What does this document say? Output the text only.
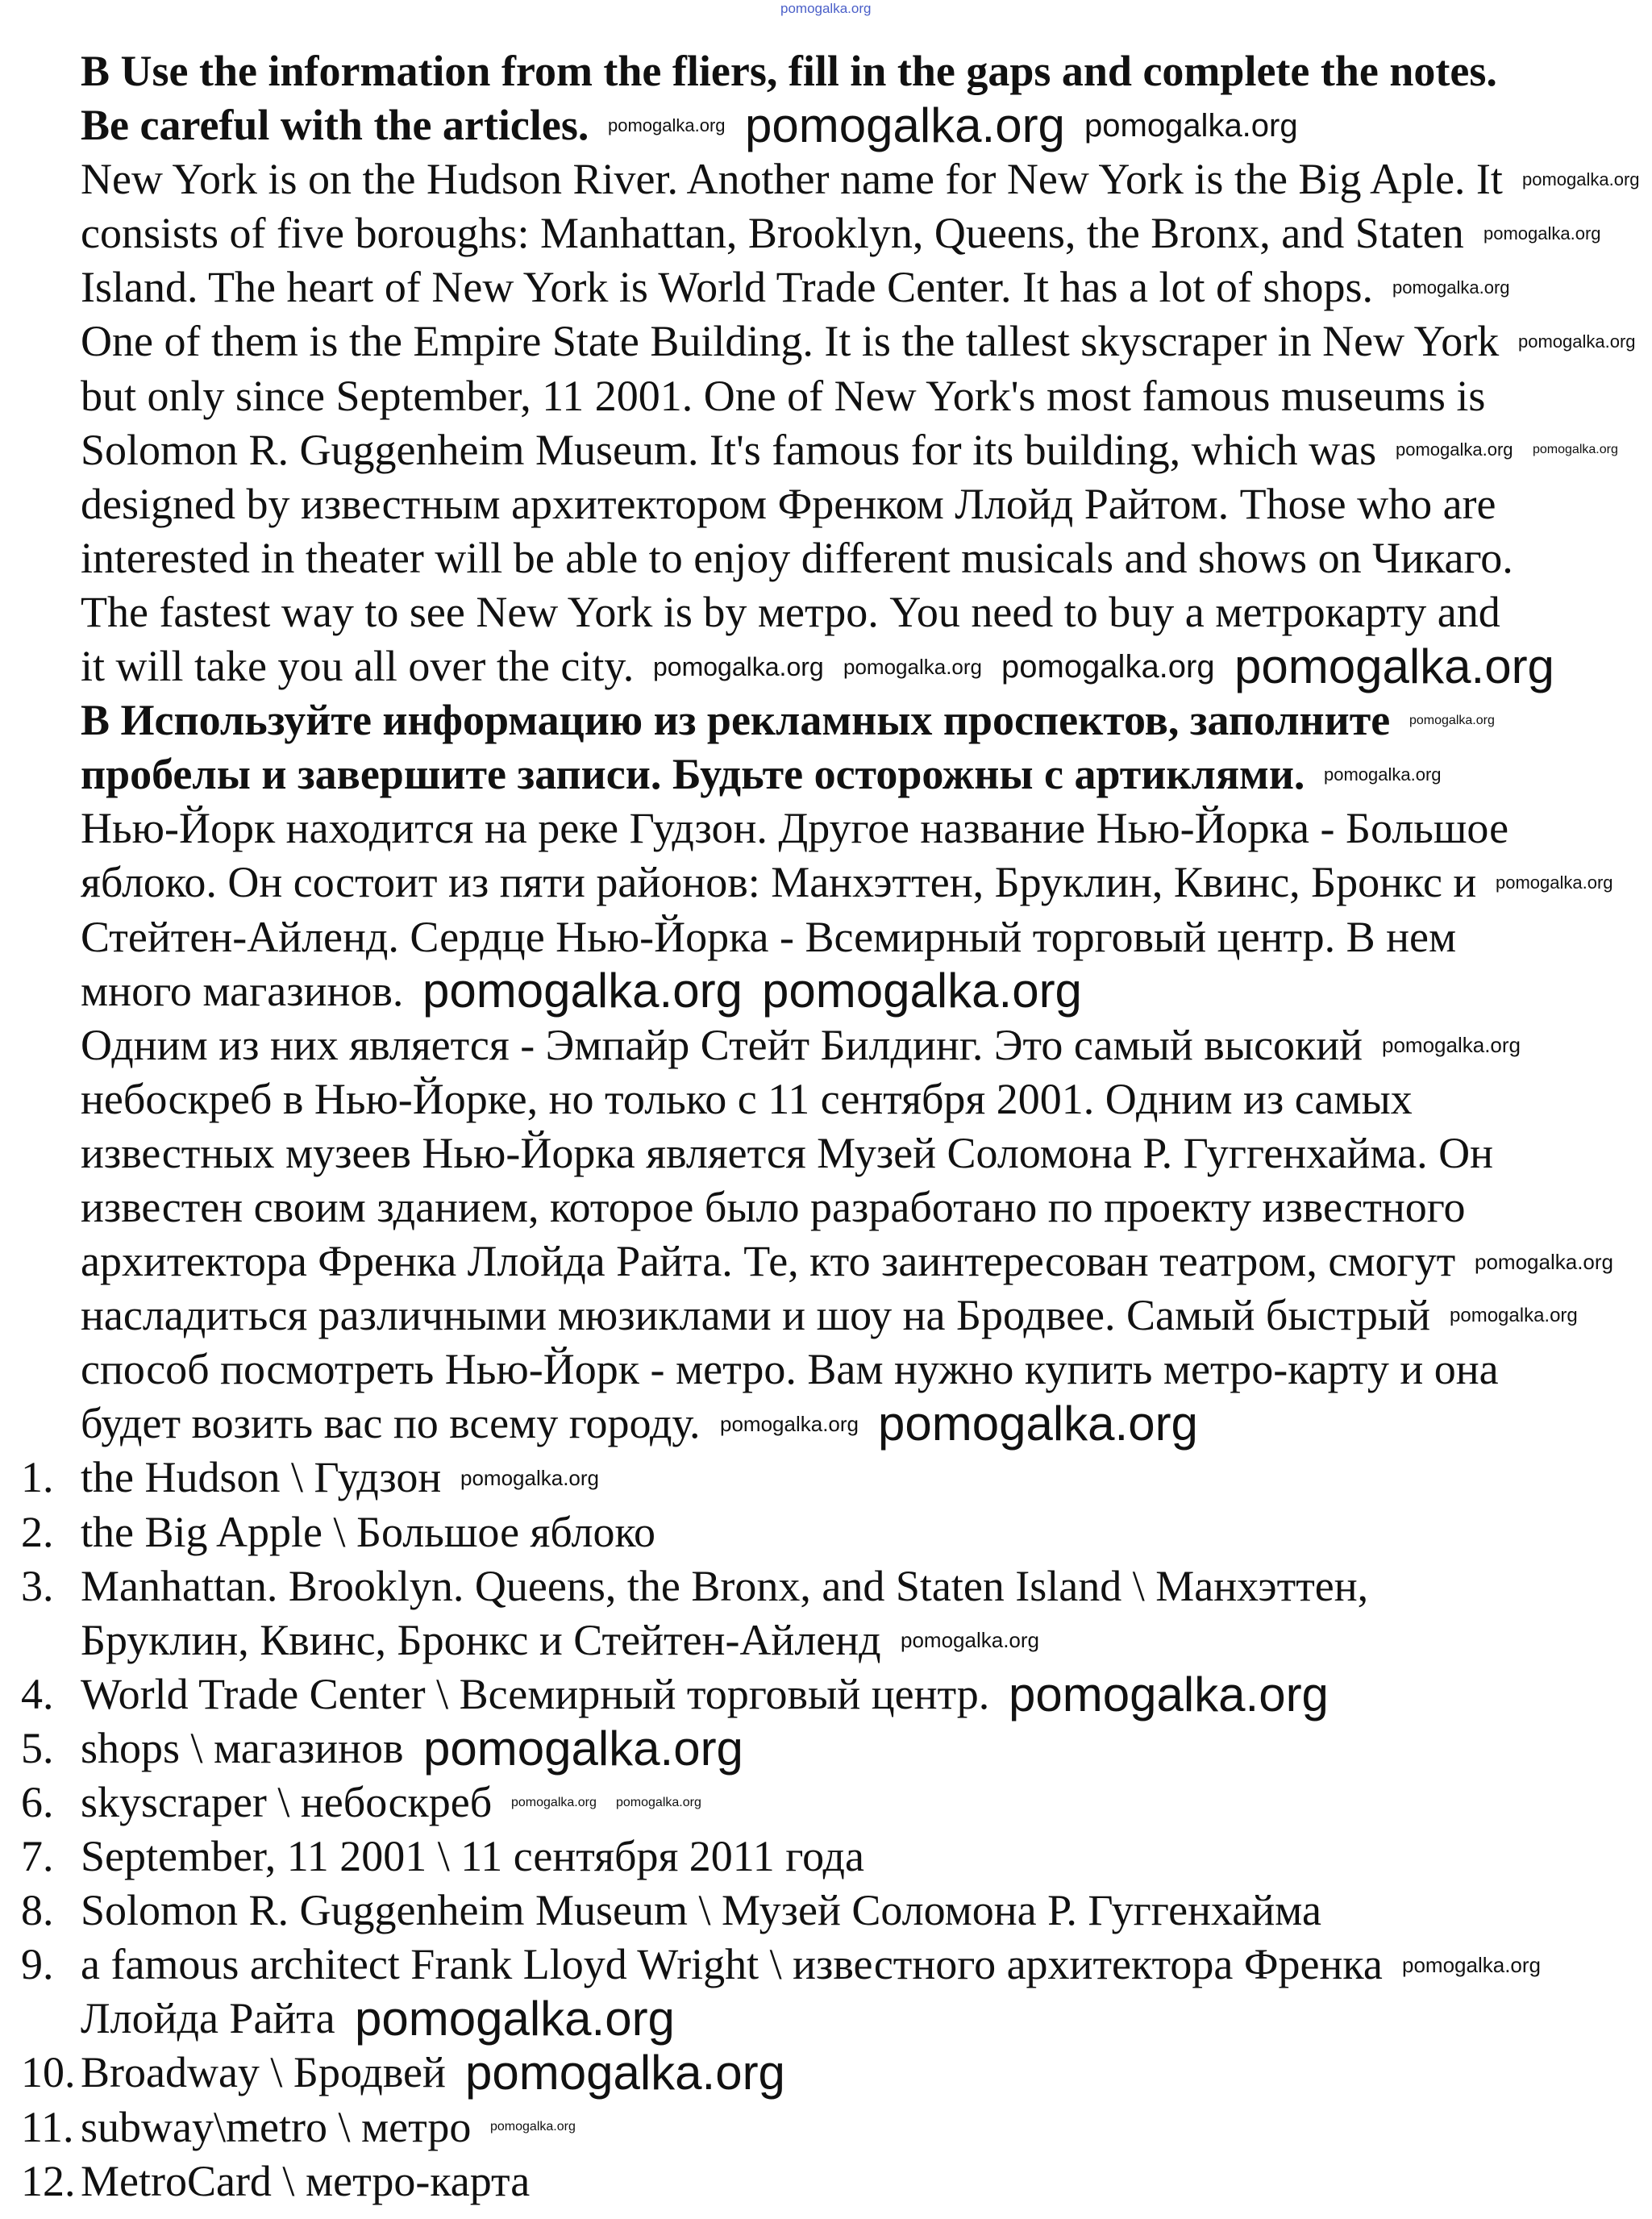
B Use the information from the fliers, fill in the gaps and complete the notes.
Be careful with the articles.
New York is on the Hudson River. Another name for New York is the Big Aple. It
consists of five boroughs: Manhattan, Brooklyn, Queens, the Bronx, and Staten
Island. The heart of New York is World Trade Center. It has a lot of shops.
One of them is the Empire State Building. It is the tallest skyscraper in New York
but only since September, 11 2001. One of New York's most famous museums is
Solomon R. Guggenheim Museum. It's famous for its building, which was
designed by известным архитектором Френком Ллойд Райтом. Those who are
interested in theater will be able to enjoy different musicals and shows on Чикаго.
The fastest way to see New York is by метро. You need to buy a метрокарту and
it will take you all over the city.
В Используйте информацию из рекламных проспектов, заполните
пробелы и завершите записи. Будьте осторожны с артиклями.
Нью-Йорк находится на реке Гудзон. Другое название Нью-Йорка - Большое
яблоко. Он состоит из пяти районов: Манхэттен, Бруклин, Квинс, Бронкс и
Стейтен-Айленд. Сердце Нью-Йорка - Всемирный торговый центр. В нем
много магазинов.
Одним из них является - Эмпайр Стейт Билдинг. Это самый высокий
небоскреб в Нью-Йорке, но только с 11 сентября 2001. Одним из самых
известных музеев Нью-Йорка является Музей Соломона Р. Гуггенхайма. Он
известен своим зданием, которое было разработано по проекту известного
архитектора Френка Ллойда Райта. Те, кто заинтересован театром, смогут
насладиться различными мюзиклами и шоу на Бродвее. Самый быстрый
способ посмотреть Нью-Йорк - метро. Вам нужно купить метро-карту и она
будет возить вас по всему городу.
1. the Hudson \ Гудзон
2. the Big Apple \ Большое яблоко
3. Manhattan. Brooklyn. Queens, the Bronx, and Staten Island \ Манхэттен,
Бруклин, Квинс, Бронкс и Стейтен-Айленд
4. World Trade Center \ Всемирный торговый центр.
5. shops \ магазинов
6. skyscraper \ небоскреб
7. September, 11 2001 \ 11 сентября 2011 года
8. Solomon R. Guggenheim Museum \ Музей Соломона Р. Гуггенхайма
9. a famous architect Frank Lloyd Wright \ известного архитектора Френка
Ллойда Райта
10. Broadway \ Бродвей
11. subway\metro \ метро
12. MetroCard \ метро-карта
pomogalka.org
pomogalka.org pomogalka.org pomogalka.org
pomogalka.org
pomogalka.org
pomogalka.org
pomogalka.org
pomogalka.org pomogalka.org
pomogalka.org pomogalka.org pomogalka.org pomogalka.org
pomogalka.org
pomogalka.org
pomogalka.org
pomogalka.org pomogalka.org
pomogalka.org
pomogalka.org
pomogalka.org
pomogalka.org pomogalka.org
pomogalka.org
pomogalka.org
pomogalka.org
pomogalka.org
pomogalka.org pomogalka.org
pomogalka.org
pomogalka.org
pomogalka.org
pomogalka.org
